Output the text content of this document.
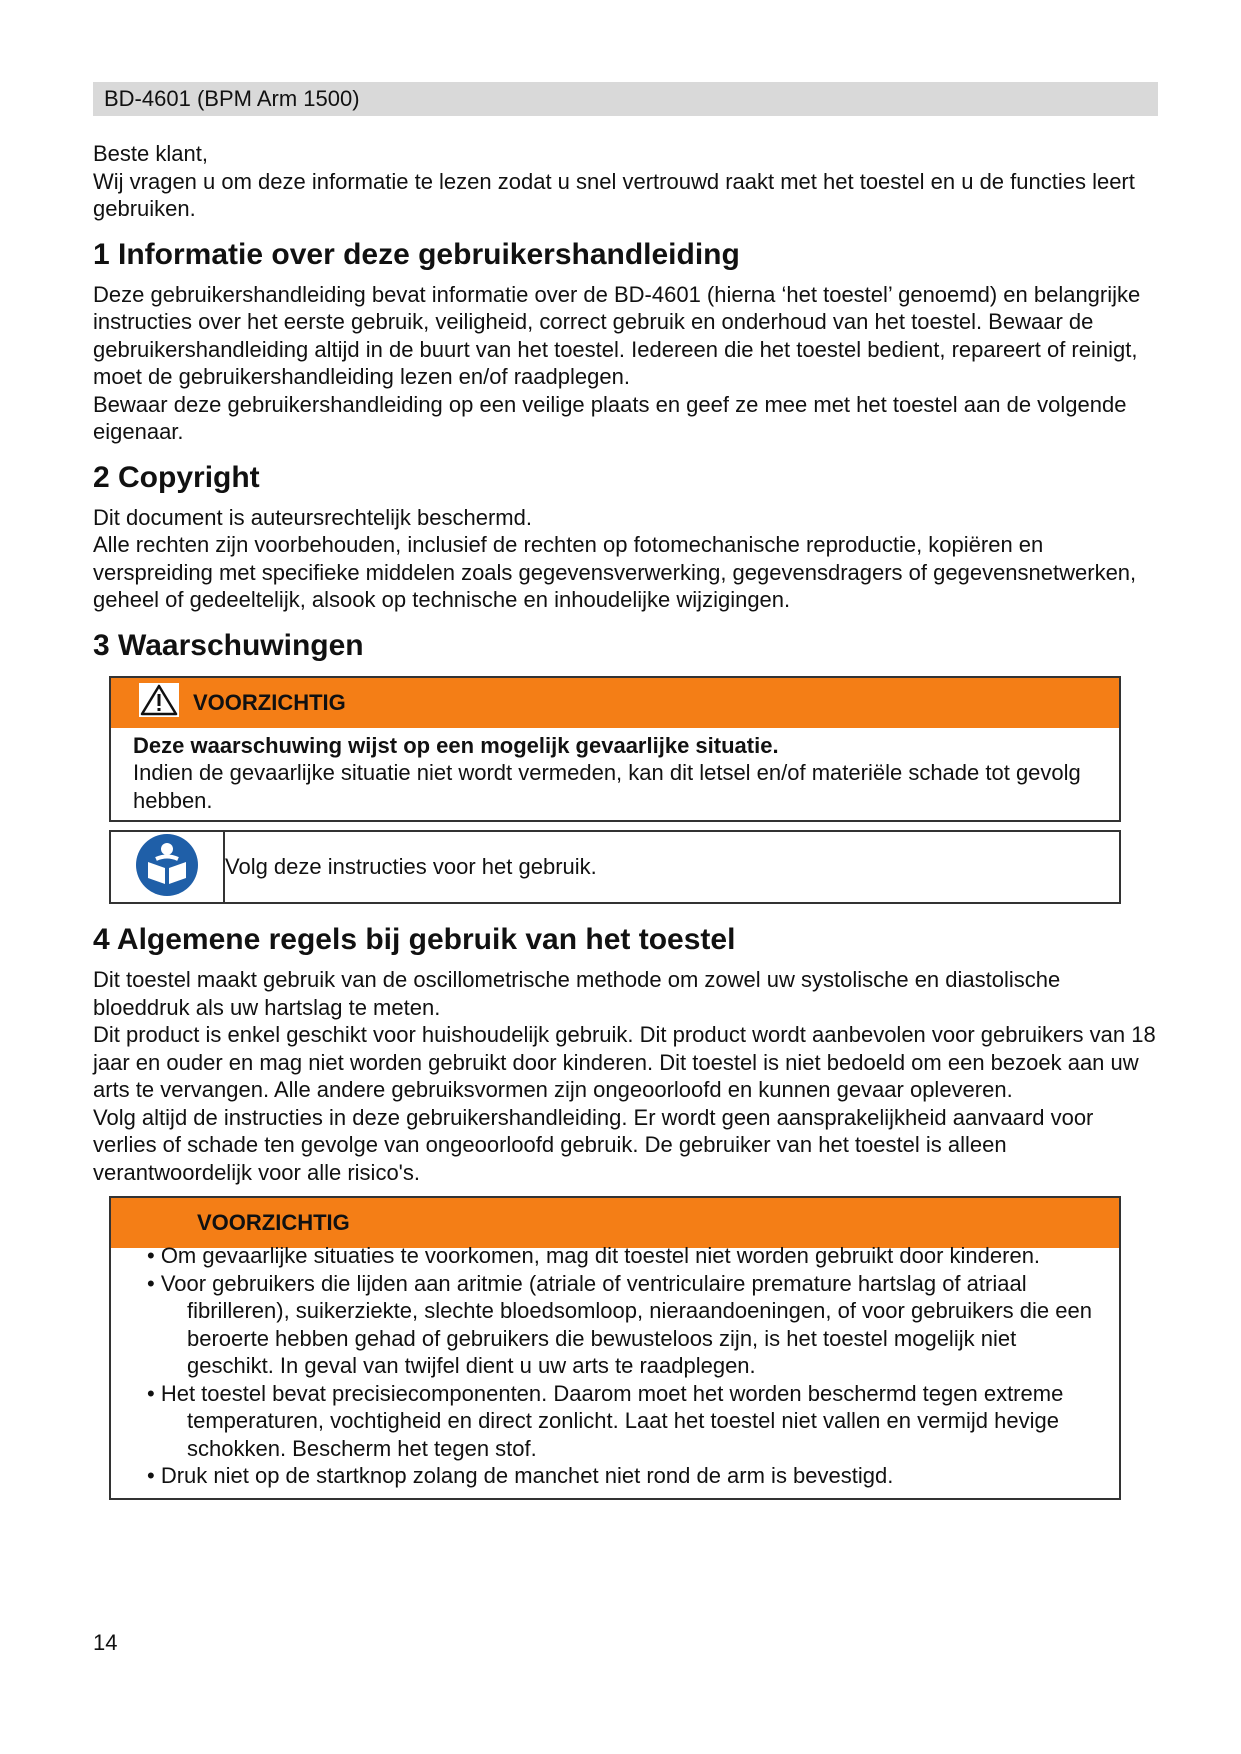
BD-4601 (BPM Arm 1500)

Beste klant,

Wij vragen u om deze informatie te lezen zodat u snel vertrouwd raakt met het toestel en u de functies leert gebruiken.

1 Informatie over deze gebruikershandleiding

Deze gebruikershandleiding bevat informatie over de BD-4601 (hierna ‘het toestel’ genoemd) en belangrijke instructies over het eerste gebruik, veiligheid, correct gebruik en onderhoud van het toestel. Bewaar de gebruikershandleiding altijd in de buurt van het toestel. Iedereen die het toestel bedient, repareert of reinigt, moet de gebruikershandleiding lezen en/of raadplegen.

Bewaar deze gebruikershandleiding op een veilige plaats en geef ze mee met het toestel aan de volgende eigenaar.

2 Copyright

Dit document is auteursrechtelijk beschermd.

Alle rechten zijn voorbehouden, inclusief de rechten op fotomechanische reproductie, kopiëren en verspreiding met specifieke middelen zoals gegevensverwerking, gegevensdragers of gegevensnetwerken, geheel of gedeeltelijk, alsook op technische en inhoudelijke wijzigingen.

3 Waarschuwingen
VOORZICHTIG

Deze waarschuwing wijst op een mogelijk gevaarlijke situatie.

Indien de gevaarlijke situatie niet wordt vermeden, kan dit letsel en/of materiële schade tot gevolg hebben.

Volg deze instructies voor het gebruik.
4 Algemene regels bij gebruik van het toestel

Dit toestel maakt gebruik van de oscillometrische methode om zowel uw systolische en diastolische bloeddruk als uw hartslag te meten.

Dit product is enkel geschikt voor huishoudelijk gebruik. Dit product wordt aanbevolen voor gebruikers van 18 jaar en ouder en mag niet worden gebruikt door kinderen. Dit toestel is niet bedoeld om een bezoek aan uw arts te vervangen. Alle andere gebruiksvormen zijn ongeoorloofd en kunnen gevaar opleveren.

Volg altijd de instructies in deze gebruikershandleiding. Er wordt geen aansprakelijkheid aanvaard voor verlies of schade ten gevolge van ongeoorloofd gebruik. De gebruiker van het toestel is alleen verantwoordelijk voor alle risico's.

VOORZICHTIG
• Om gevaarlijke situaties te voorkomen, mag dit toestel niet worden gebruikt door kinderen.
• Voor gebruikers die lijden aan aritmie (atriale of ventriculaire premature hartslag of atriaal fibrilleren), suikerziekte, slechte bloedsomloop, nieraandoeningen, of voor gebruikers die een beroerte hebben gehad of gebruikers die bewusteloos zijn, is het toestel mogelijk niet geschikt. In geval van twijfel dient u uw arts te raadplegen.
• Het toestel bevat precisiecomponenten. Daarom moet het worden beschermd tegen extreme temperaturen, vochtigheid en direct zonlicht. Laat het toestel niet vallen en vermijd hevige schokken. Bescherm het tegen stof.
• Druk niet op de startknop zolang de manchet niet rond de arm is bevestigd.
14
